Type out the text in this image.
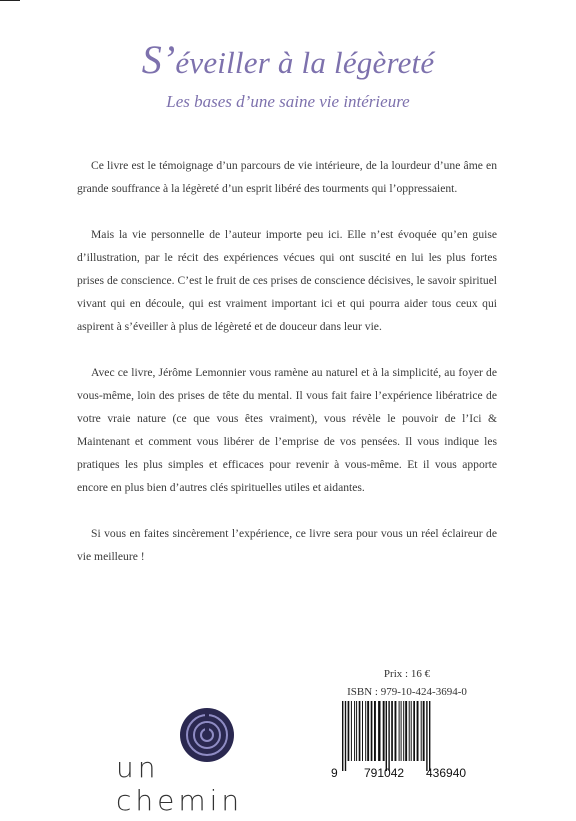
S’éveiller à la légèreté
Les bases d’une saine vie intérieure

Ce livre est le témoignage d’un parcours de vie intérieure, de la lourdeur d’une âme en grande souffrance à la légèreté d’un esprit libéré des tourments qui l’oppressaient.

Mais la vie personnelle de l’auteur importe peu ici. Elle n’est évoquée qu’en guise d’illustration, par le récit des expériences vécues qui ont suscité en lui les plus fortes prises de conscience. C’est le fruit de ces prises de conscience décisives, le savoir spirituel vivant qui en découle, qui est vraiment important ici et qui pourra aider tous ceux qui aspirent à s’éveiller à plus de légèreté et de douceur dans leur vie.

Avec ce livre, Jérôme Lemonnier vous ramène au naturel et à la simplicité, au foyer de vous-même, loin des prises de tête du mental. Il vous fait faire l’expérience libératrice de votre vraie nature (ce que vous êtes vraiment), vous révèle le pouvoir de l’Ici & Maintenant et comment vous libérer de l’emprise de vos pensées. Il vous indique les pratiques les plus simples et efficaces pour revenir à vous-même. Et il vous apporte encore en plus bien d’autres clés spirituelles utiles et aidantes.

Si vous en faites sincèrement l’expérience, ce livre sera pour vous un réel éclaireur de vie meilleure !

un chemin
Prix : 16 €
ISBN : 979-10-424-3694-0
9 791042 436940
